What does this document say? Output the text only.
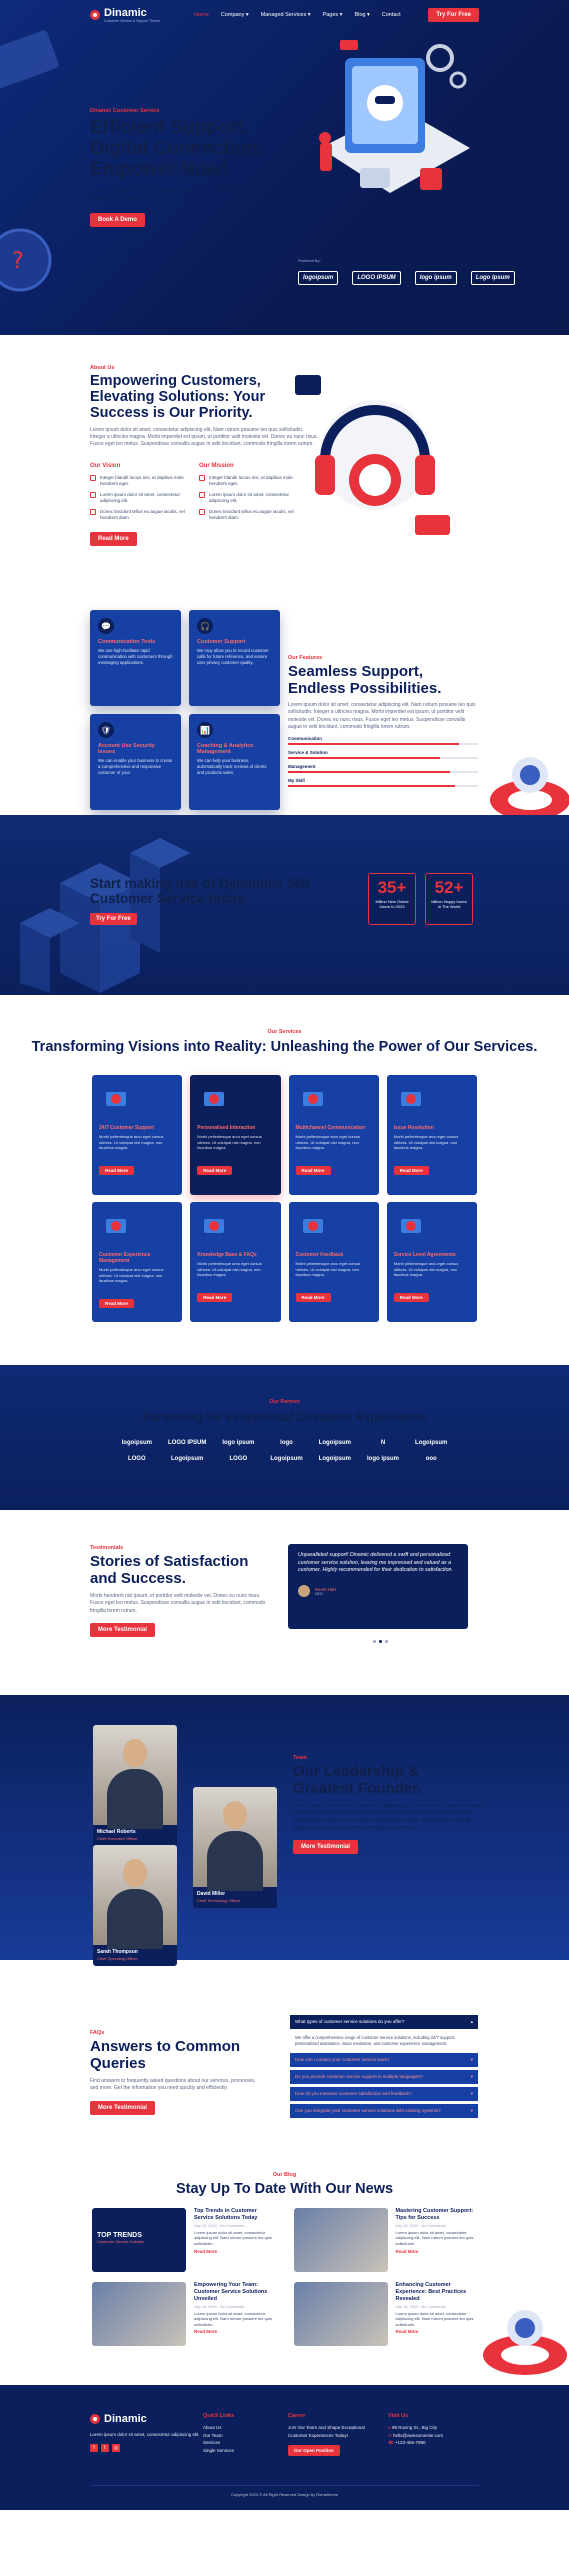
?
Dinamic
Customer Service & Support Theme
Home Company ▾ Managed Services ▾ Pages ▾ Blog ▾ Contact	Try For Free
Dinamic Customer Service
Efficient Support, Digital Connection: Empower Now!
Lorem ipsum dolor sit amet, consectetur adipiscing elit. Ut elit tellus, luctus nec ullamcorper mattis, pulvinar dapibus leo.
Book A Demo
Powered By:
logoipsum	LOGO IPSUM	logo ipsum	Logo Ipsum
About Us
Empowering Customers, Elevating Solutions: Your Success is Our Priority.
Lorem ipsum dolor sit amet, consectetur adipiscing elit. Nam rutrum posuere leo quis sollicitudin. Integer a ultricies magna. Morbi imperdiet est ipsum, ut porttitor velit molestie vel. Donec eu nunc risus. Fusce eget leo metus. Suspendisse convallis augue in velit tincidunt, commodo fringilla lorem rutrum.
Our Vision
Integer blandit luctus nisi, et dapibus mole hendrerit eget.
Lorem ipsum dolor sit amet, consectetur adipiscing elit.
Donec tincidunt tellus eu augue iaculis, vel hendrerit diam.
Our Mission
Integer blandit luctus nisi, et dapibus mole hendrerit eget.
Lorem ipsum dolor sit amet, consectetur adipiscing elit.
Donec tincidunt tellus eu augue iaculis, vel hendrerit diam.
Read More
💬
Communication Tools
We use high-facilitate rapid communication with customers through messaging applications.
🎧
Customer Support
We may allow you to record customer calls for future reference, and ensure user privacy customer quality.
🛡
Account Use Security Issues
We can enable your business to create a comprehensive and responsive customer of your.
📊
Coaching & Analytics Management
We can help your business automatically track reviews of clients and products sales.
Our Features
Seamless Support, Endless Possibilities.
Lorem ipsum dolor sit amet, consectetur adipiscing elit. Nam rutrum posuere leo quis sollicitudin. Integer a ultricies magna. Morbi imperdiet est ipsum, ut porttitor velit molestie vel. Donec eu nunc risus. Fusce eget leo metus. Suspendisse convallis augue in velit tincidunt, commodo fringilla lorem rutrum.
Communication
Service & Solution
Management
My Skill
Start making use of Dynamics 360 Customer Service today.
Try For Free
35+
Million New Online Users In 2023
52+
Million Happy Users In The World
Our Services
Transforming Visions into Reality: Unleashing the Power of Our Services.
24/7 Customer Support
Morbi pellentesque arcu eget cursus ultrices. Ut volutpat nisl magna, non faucibus magna.
Read More
Personalised Interaction
Morbi pellentesque arcu eget cursus ultrices. Ut volutpat nisl magna, non faucibus magna.
Read More
Multichannel Communication
Morbi pellentesque arcu eget cursus ultrices. Ut volutpat nisl magna, non faucibus magna.
Read More
Issue Resolution
Morbi pellentesque arcu eget cursus ultrices. Ut volutpat nisl magna, non faucibus magna.
Read More
Customer Experience Management
Morbi pellentesque arcu eget cursus ultrices. Ut volutpat nisl magna, non faucibus magna.
Read More
Knowledge Base & FAQs
Morbi pellentesque arcu eget cursus ultrices. Ut volutpat nisl magna, non faucibus magna.
Read More
Customer Feedback
Morbi pellentesque arcu eget cursus ultrices. Ut volutpat nisl magna, non faucibus magna.
Read More
Service Level Agreements
Morbi pellentesque arcu eget cursus ultrices. Ut volutpat nisl magna, non faucibus magna.
Read More
Our Partner
Partnering for Exceptional Customer Experiences
logoipsum	LOGO IPSUM	logo ipsum	logo	Logoipsum	N	Logoipsum
LOGO	Logoipsum	LOGO	Logoipsum	Logoipsum	logo ipsum	ooo
Testimonials
Stories of Satisfaction and Success.
Morbi hendrerit nisl ipsum, et porttitor velit molestie vel. Donec eu nunc risus. Fusce eget leo metus. Suspendisse convallis augue in velit tincidunt, commodo fringilla lorem rutrum.
More Testimonial
Unparalleled support! Dinamic delivered a swift and personalized customer service solution, leaving me impressed and valued as a customer. Highly recommended for their dedication to satisfaction.
Kevin Hart
CEO
Michael Roberts
Chief Executive Officer
David Miller
Chief Technology Officer
Sarah Thompson
Chief Operating Officer
Team
Our Leadership & Greatest Founder.
Lorem ipsum dolor sit amet, consectetur adipiscing elit. Nam rutrum posuere leo quis sollicitudin. Integer a ultricies magna. Morbi imperdiet est ipsum, ut porttitor velit molestie vel. Donec eu nunc risus. Fusce eget leo metus. Suspendisse convallis augue in velit tincidunt, commodo fringilla lorem rutrum.
More Testimonial
FAQs
Answers to Common Queries
Find answers to frequently asked questions about our services, processes, and more. Get the information you need quickly and efficiently.
More Testimonial
What types of customer service solutions do you offer?	▴
We offer a comprehensive range of customer service solutions, including 24/7 support, personalized assistance, issue resolution, and customer experience management.
How can I contact your customer service team?	▾
Do you provide customer service support in multiple languages?	▾
How do you measure customer satisfaction and feedback?	▾
Can you integrate your customer service solutions with existing systems?	▾
Our Blog
Stay Up To Date With Our News
TOP TRENDS
Customer Service Solution
Top Trends in Customer Service Solutions Today
July 18, 2023 · No Comments
Lorem ipsum dolor sit amet, consectetur adipiscing elit. Nam rutrum posuere leo quis sollicitudin.
Read More
Mastering Customer Support: Tips for Success
July 18, 2023 · No Comments
Lorem ipsum dolor sit amet, consectetur adipiscing elit. Nam rutrum posuere leo quis sollicitudin.
Read More
Empowering Your Team: Customer Service Solutions Unveiled
July 18, 2023 · No Comments
Lorem ipsum dolor sit amet, consectetur adipiscing elit. Nam rutrum posuere leo quis sollicitudin.
Read More
Enhancing Customer Experience: Best Practices Revealed
July 18, 2023 · No Comments
Lorem ipsum dolor sit amet, consectetur adipiscing elit. Nam rutrum posuere leo quis sollicitudin.
Read More
Dinamic
Lorem ipsum dolor sit amet, consectetur adipiscing elit.
f	t	◎
Quick Links
About Us
Our Team
Services
Single Services
Career
Join Our Team and Shape Exceptional Customer Experiences Today!
Our Open Position
Visit Us
● 99 Roving St., Big City
✉ hello@awesomesite.com
☎ +123-456-7890
Copyright 2023 © All Right Reserved Design by Rometheme
